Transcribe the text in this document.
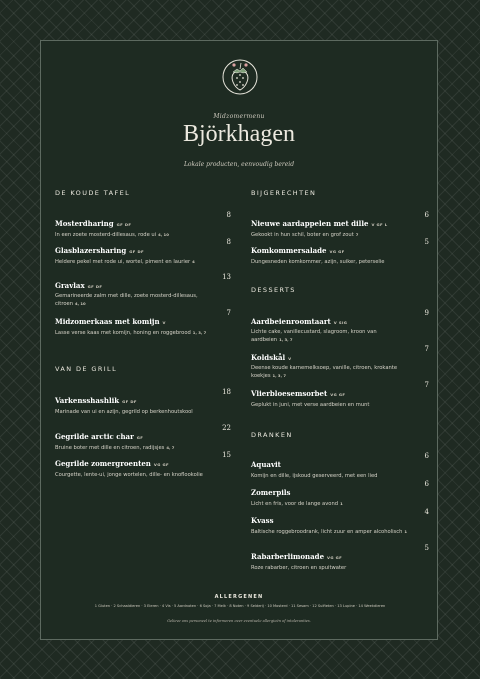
Midzomermenu
Björkhagen
Lokale producten, eenvoudig bereid
DE KOUDE TAFEL
Mosterdharing GF DF
8
In een zoete mosterd-dillesaus, rode ui 4, 10
Glasblazersharing GF DF
8
Heldere pekel met rode ui, wortel, piment en laurier 4
Gravlax GF DF
13
Gemarineerde zalm met dille, zoete mosterd-dillesaus, citroen 4, 10
Midzomerkaas met komijn V
7
Lasse verse kaas met komijn, honing en roggebrood 1, 3, 7
VAN DE GRILL
Varkensshashlik GF DF
18
Marinade van ui en azijn, gegrild op berkenhoutskool
Gegrilde arctic char GF
22
Bruine boter met dille en citroen, radijsjes 4, 7
Gegrilde zomergroenten VG GF
15
Courgette, lente-ui, jonge wortelen, dille- en knoflookolie
BIJGERECHTEN
Nieuwe aardappelen met dille V GF L
6
Gekookt in hun schil, boter en grof zout 7
Komkommersalade VG GF
5
Dungesneden komkommer, azijn, suiker, peterselie
DESSERTS
Aardbeienroomtaart V SIG
9
Lichte cake, vanillecustard, slagroom, kroon van aardbeien 1, 3, 7
Koldskål V
7
Deense koude karnemelksoep, vanille, citroen, krokante koekjes 1, 3, 7
Vlierbloesemsorbet VG GF
7
Geplukt in juni, met verse aardbeien en munt
DRANKEN
Aquavit
6
Komijn en dille, ijskoud geserveerd, met een lied
Zomerpils
6
Licht en fris, voor de lange avond 1
Kvass
4
Baltische roggebroodrank, licht zuur en amper alcoholisch 1
Rabarberlimonade VG GF
5
Roze rabarber, citroen en spuitwater
ALLERGENEN
1 Gluten · 2 Schaaldieren · 3 Eieren · 4 Vis · 5 Aardnoten · 6 Soja · 7 Melk · 8 Noten · 9 Selderij · 10 Mosterd · 11 Sesam · 12 Sulfieten · 13 Lupine · 14 Weekdieren
Gelieve ons personeel te informeren over eventuele allergieën of intoleranties.
